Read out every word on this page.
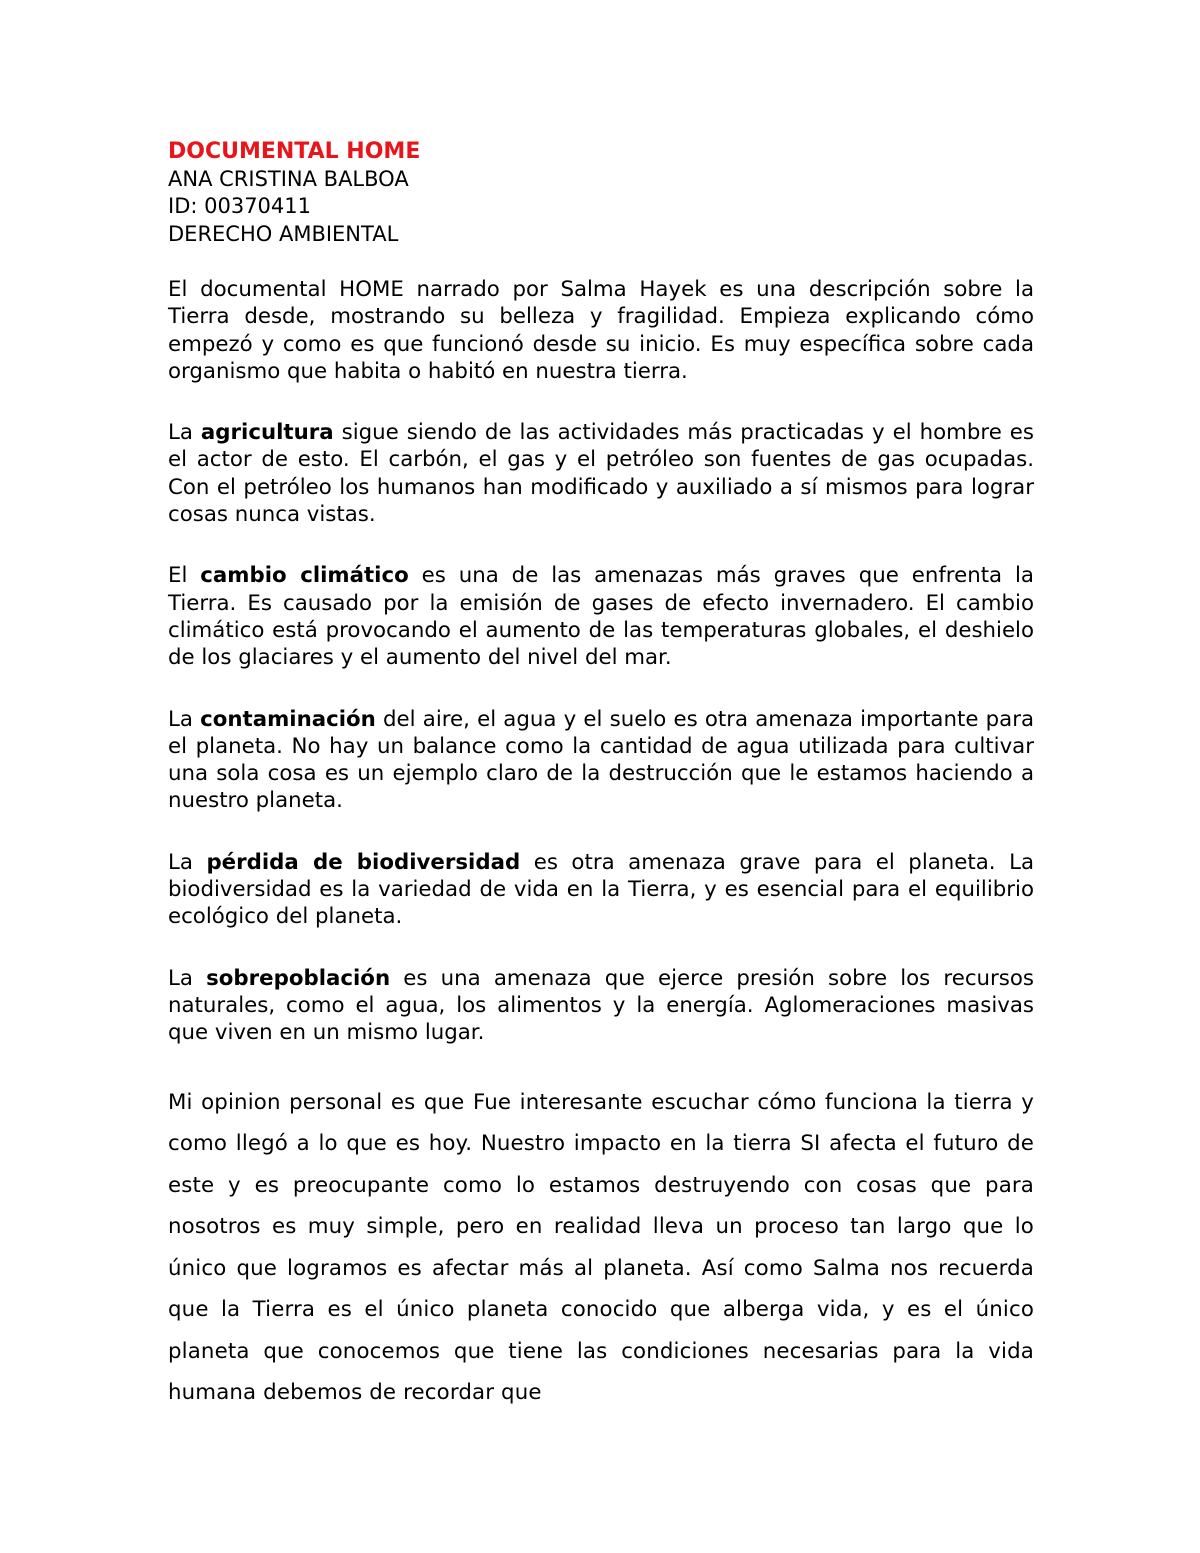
DOCUMENTAL HOME
ANA CRISTINA BALBOA
ID: 00370411
DERECHO AMBIENTAL

El documental HOME narrado por Salma Hayek es una descripción sobre la Tierra desde, mostrando su belleza y fragilidad. Empieza explicando cómo empezó y como es que funcionó desde su inicio. Es muy específica sobre cada organismo que habita o habitó en nuestra tierra.

La agricultura sigue siendo de las actividades más practicadas y el hombre es el actor de esto. El carbón, el gas y el petróleo son fuentes de gas ocupadas. Con el petróleo los humanos han modificado y auxiliado a sí mismos para lograr cosas nunca vistas.

El cambio climático es una de las amenazas más graves que enfrenta la Tierra. Es causado por la emisión de gases de efecto invernadero. El cambio climático está provocando el aumento de las temperaturas globales, el deshielo de los glaciares y el aumento del nivel del mar.

La contaminación del aire, el agua y el suelo es otra amenaza importante para el planeta. No hay un balance como la cantidad de agua utilizada para cultivar una sola cosa es un ejemplo claro de la destrucción que le estamos haciendo a nuestro planeta.

La pérdida de biodiversidad es otra amenaza grave para el planeta. La biodiversidad es la variedad de vida en la Tierra, y es esencial para el equilibrio ecológico del planeta.

La sobrepoblación es una amenaza que ejerce presión sobre los recursos naturales, como el agua, los alimentos y la energía. Aglomeraciones masivas que viven en un mismo lugar.

Mi opinion personal es que Fue interesante escuchar cómo funciona la tierra y como llegó a lo que es hoy. Nuestro impacto en la tierra SI afecta el futuro de este y es preocupante como lo estamos destruyendo con cosas que para nosotros es muy simple, pero en realidad lleva un proceso tan largo que lo único que logramos es afectar más al planeta. Así como Salma nos recuerda que la Tierra es el único planeta conocido que alberga vida, y es el único planeta que conocemos que tiene las condiciones necesarias para la vida humana debemos de recordar que
